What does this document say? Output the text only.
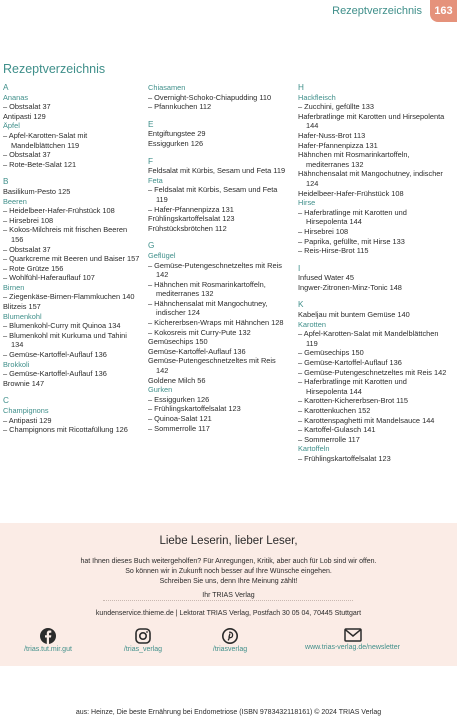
Rezeptverzeichnis	163
Rezeptverzeichnis
A
Ananas
– Obstsalat 37
Antipasti 129
Äpfel
– Apfel-Karotten-Salat mit Mandelblättchen 119
– Obstsalat 37
– Rote-Bete-Salat 121
B
Basilikum-Pesto 125
Beeren
– Heidelbeer-Hafer-Frühstück 108
– Hirsebrei 108
– Kokos-Milchreis mit frischen Beeren 156
– Obstsalat 37
– Quarkcreme mit Beeren und Baiser 157
– Rote Grütze 156
– Wohlfühl-Haferauflauf 107
Birnen
– Ziegenkäse-Birnen-Flammkuchen 140
Blitzeis 157
Blumenkohl
– Blumenkohl-Curry mit Quinoa 134
– Blumenkohl mit Kurkuma und Tahini 134
– Gemüse-Kartoffel-Auflauf 136
Brokkoli
– Gemüse-Kartoffel-Auflauf 136
Brownie 147
C
Champignons
– Antipasti 129
– Champignons mit Ricottafüllung 126
Chiasamen
– Overnight-Schoko-Chiapudding 110
– Pfannkuchen 112
E
Entgiftungstee 29
Essiggurken 126
F
Feldsalat mit Kürbis, Sesam und Feta 119
Feta
– Feldsalat mit Kürbis, Sesam und Feta 119
– Hafer-Pfannenpizza 131
Frühlingskartoffelsalat 123
Frühstücksbrötchen 112
G
Geflügel
– Gemüse-Putengeschnetzeltes mit Reis 142
– Hähnchen mit Rosmarinkartoffeln, mediterranes 132
– Hähnchensalat mit Mangochutney, indischer 124
– Kichererbsen-Wraps mit Hähnchen 128
– Kokosreis mit Curry-Pute 132
Gemüsechips 150
Gemüse-Kartoffel-Auflauf 136
Gemüse-Putengeschnetzeltes mit Reis 142
Goldene Milch 56
Gurken
– Essiggurken 126
– Frühlingskartoffelsalat 123
– Quinoa-Salat 121
– Sommerrolle 117
H
Hackfleisch
– Zucchini, gefüllte 133
Haferbratlinge mit Karotten und Hirsepolenta 144
Hafer-Nuss-Brot 113
Hafer-Pfannenpizza 131
Hähnchen mit Rosmarinkartoffeln, mediterranes 132
Hähnchensalat mit Mangochutney, indischer 124
Heidelbeer-Hafer-Frühstück 108
Hirse
– Haferbratlinge mit Karotten und Hirsepolenta 144
– Hirsebrei 108
– Paprika, gefüllte, mit Hirse 133
– Reis-Hirse-Brot 115
I
Infused Water 45
Ingwer-Zitronen-Minz-Tonic 148
K
Kabeljau mit buntem Gemüse 140
Karotten
– Apfel-Karotten-Salat mit Mandelblättchen 119
– Gemüsechips 150
– Gemüse-Kartoffel-Auflauf 136
– Gemüse-Putengeschnetzeltes mit Reis 142
– Haferbratlinge mit Karotten und Hirsepolenta 144
– Karotten-Kichererbsen-Brot 115
– Karottenkuchen 152
– Karottenspaghetti mit Mandelsauce 144
– Kartoffel-Gulasch 141
– Sommerrolle 117
Kartoffeln
– Frühlingskartoffelsalat 123
Liebe Leserin, lieber Leser,
hat Ihnen dieses Buch weitergeholfen? Für Anregungen, Kritik, aber auch für Lob sind wir offen.
So können wir in Zukunft noch besser auf Ihre Wünsche eingehen.
Schreiben Sie uns, denn Ihre Meinung zählt!
Ihr TRIAS Verlag
kundenservice.thieme.de | Lektorat TRIAS Verlag, Postfach 30 05 04, 70445 Stuttgart
/trias.tut.mir.gut	/trias_verlag	/triasverlag	www.trias-verlag.de/newsletter
aus: Heinze, Die beste Ernährung bei Endometriose (ISBN 9783432118161) © 2024 TRIAS Verlag
